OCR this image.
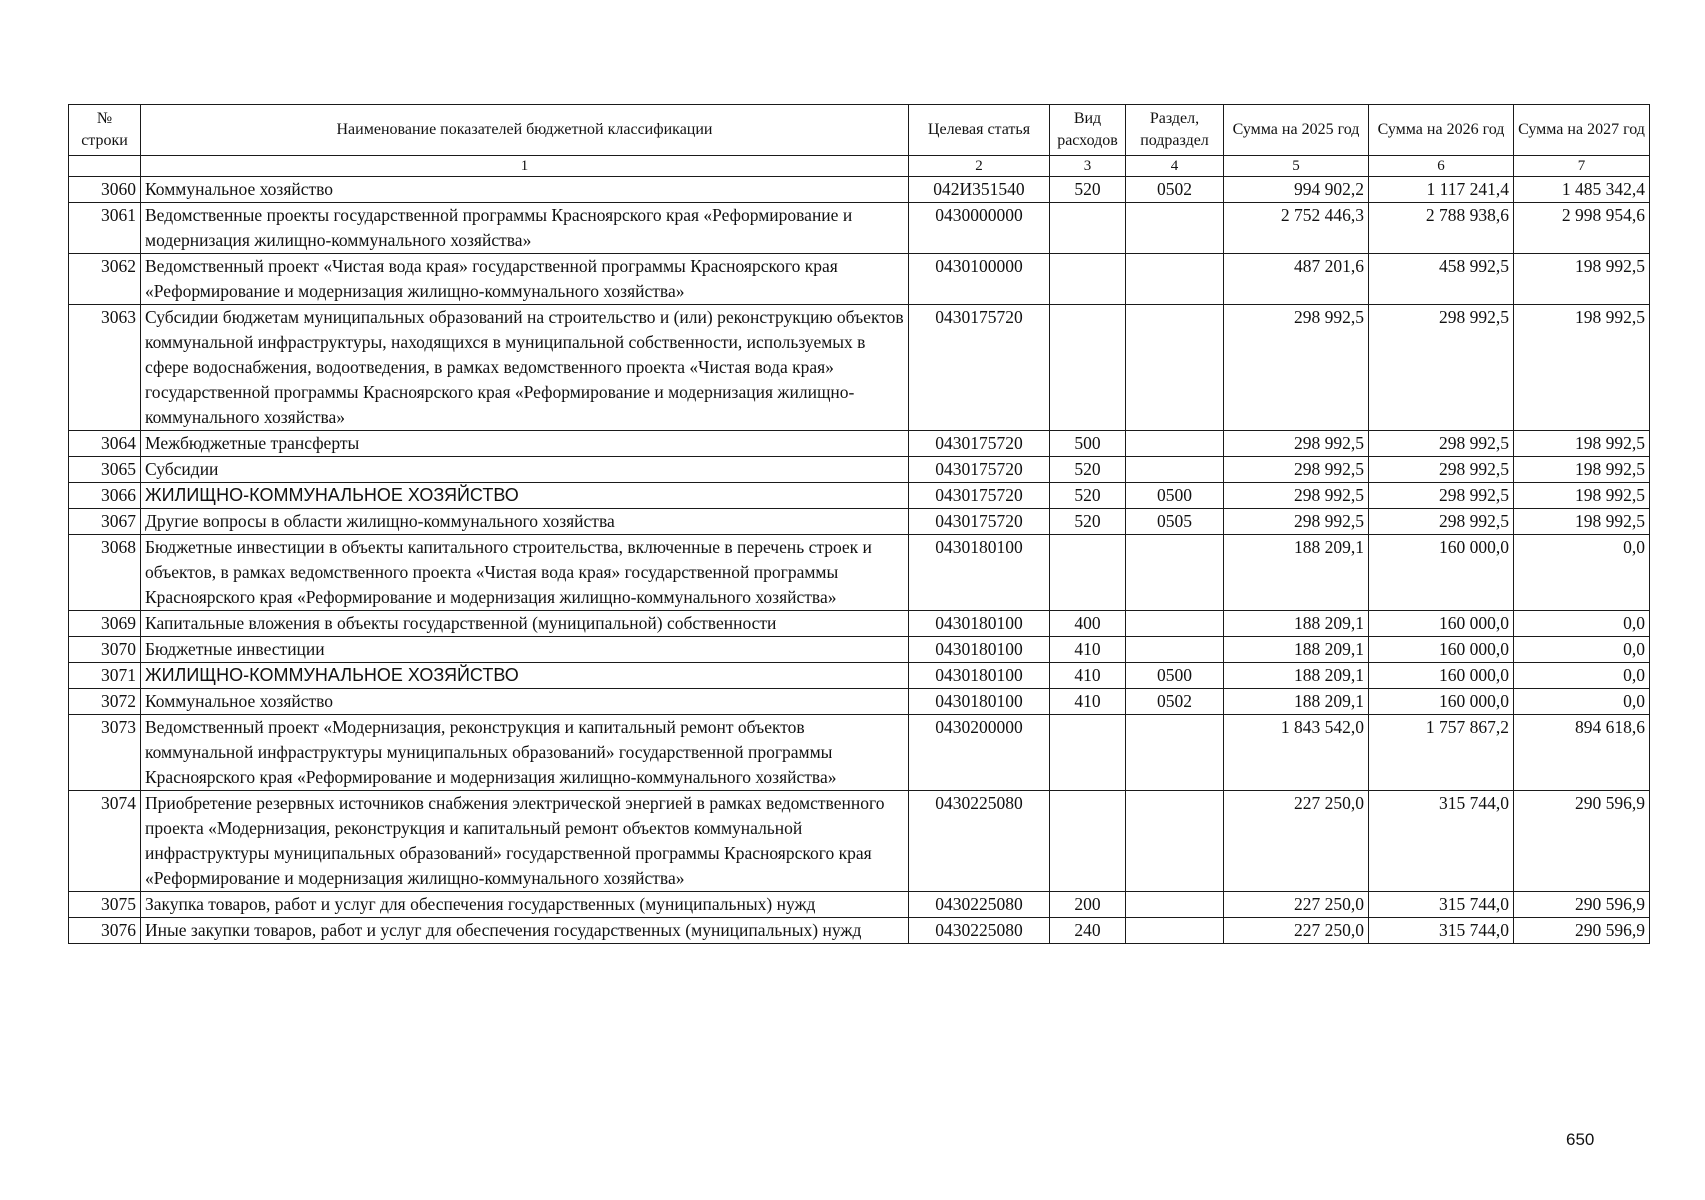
№ строки	Наименование показателей бюджетной классификации	Целевая статья	Вид расходов	Раздел, подраздел	Сумма на 2025 год	Сумма на 2026 год	Сумма на 2027 год
	1	2	3	4	5	6	7
3060	Коммунальное хозяйство	042И351540	520	0502	994 902,2	1 117 241,4	1 485 342,4
3061	Ведомственные проекты государственной программы Красноярского края «Реформирование и модернизация жилищно-коммунального хозяйства»	0430000000			2 752 446,3	2 788 938,6	2 998 954,6
3062	Ведомственный проект «Чистая вода края» государственной программы Красноярского края «Реформирование и модернизация жилищно-коммунального хозяйства»	0430100000			487 201,6	458 992,5	198 992,5
3063	Субсидии бюджетам муниципальных образований на строительство и (или) реконструкцию объектов коммунальной инфраструктуры, находящихся в муниципальной собственности, используемых в сфере водоснабжения, водоотведения, в рамках ведомственного проекта «Чистая вода края» государственной программы Красноярского края «Реформирование и модернизация жилищно- коммунального хозяйства»	0430175720			298 992,5	298 992,5	198 992,5
3064	Межбюджетные трансферты	0430175720	500		298 992,5	298 992,5	198 992,5
3065	Субсидии	0430175720	520		298 992,5	298 992,5	198 992,5
3066	ЖИЛИЩНО-КОММУНАЛЬНОЕ ХОЗЯЙСТВО	0430175720	520	0500	298 992,5	298 992,5	198 992,5
3067	Другие вопросы в области жилищно-коммунального хозяйства	0430175720	520	0505	298 992,5	298 992,5	198 992,5
3068	Бюджетные инвестиции в объекты капитального строительства, включенные в перечень строек и объектов, в рамках ведомственного проекта «Чистая вода края» государственной программы Красноярского края «Реформирование и модернизация жилищно-коммунального хозяйства»	0430180100			188 209,1	160 000,0	0,0
3069	Капитальные вложения в объекты государственной (муниципальной) собственности	0430180100	400		188 209,1	160 000,0	0,0
3070	Бюджетные инвестиции	0430180100	410		188 209,1	160 000,0	0,0
3071	ЖИЛИЩНО-КОММУНАЛЬНОЕ ХОЗЯЙСТВО	0430180100	410	0500	188 209,1	160 000,0	0,0
3072	Коммунальное хозяйство	0430180100	410	0502	188 209,1	160 000,0	0,0
3073	Ведомственный проект «Модернизация, реконструкция и капитальный ремонт объектов коммунальной инфраструктуры муниципальных образований» государственной программы Красноярского края «Реформирование и модернизация жилищно-коммунального хозяйства»	0430200000			1 843 542,0	1 757 867,2	894 618,6
3074	Приобретение резервных источников снабжения электрической энергией в рамках ведомственного проекта «Модернизация, реконструкция и капитальный ремонт объектов коммунальной инфраструктуры муниципальных образований» государственной программы Красноярского края «Реформирование и модернизация жилищно-коммунального хозяйства»	0430225080			227 250,0	315 744,0	290 596,9
3075	Закупка товаров, работ и услуг для обеспечения государственных (муниципальных) нужд	0430225080	200		227 250,0	315 744,0	290 596,9
3076	Иные закупки товаров, работ и услуг для обеспечения государственных (муниципальных) нужд	0430225080	240		227 250,0	315 744,0	290 596,9
650
